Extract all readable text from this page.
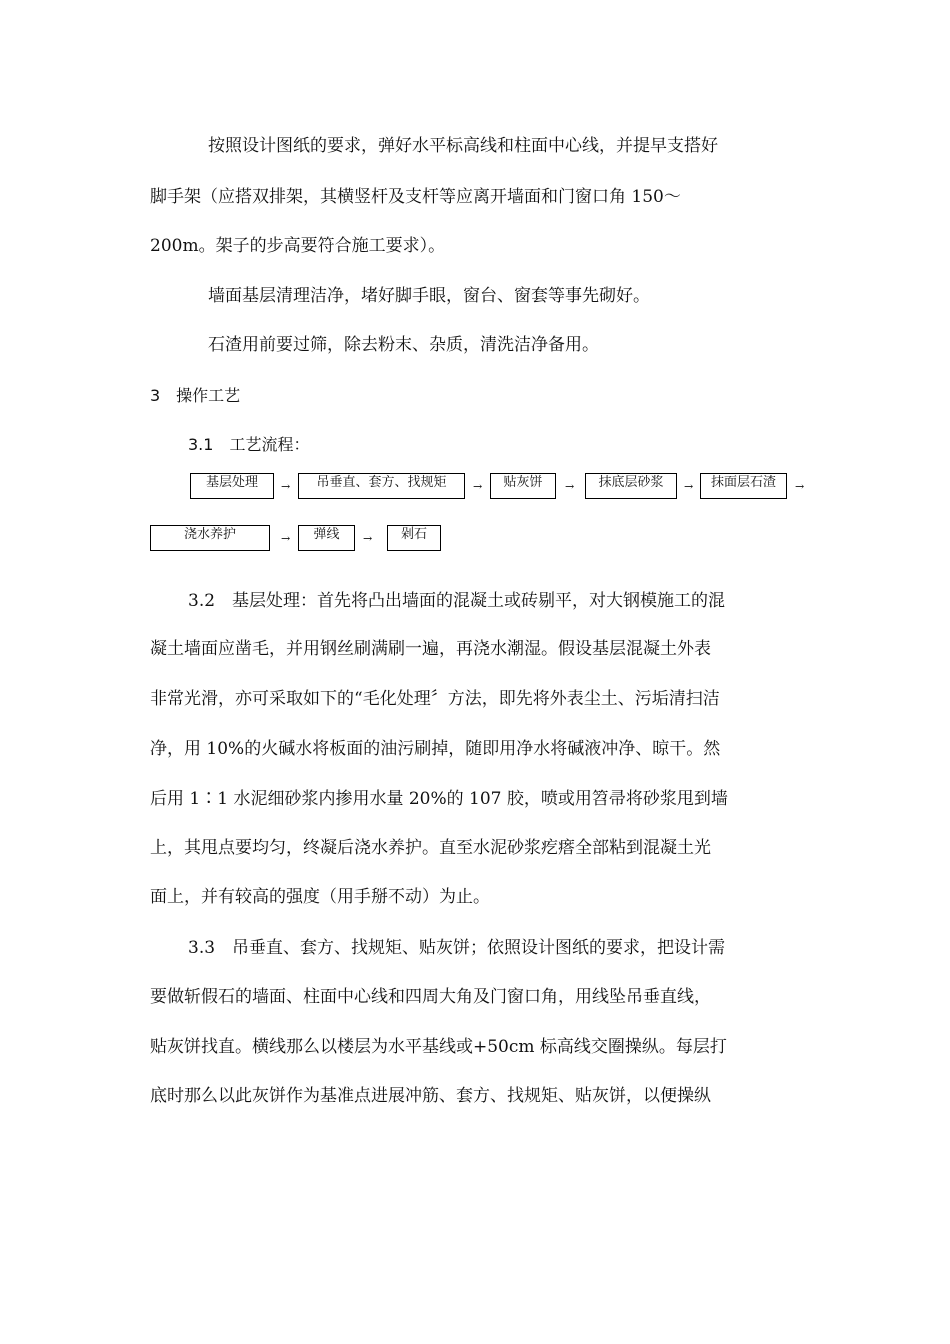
按照设计图纸的要求，弹好水平标高线和柱面中心线，并提早支搭好
脚手架（应搭双排架，其横竖杆及支杆等应离开墙面和门窗口角 150～
200m。架子的步高要符合施工要求）。
墙面基层清理洁净，堵好脚手眼，窗台、窗套等事先砌好。
石渣用前要过筛，除去粉末、杂质，清洗洁净备用。
3　操作工艺
3.1　工艺流程：
基层处理	→	吊垂直、套方、找规矩	→	贴灰饼	→	抹底层砂浆	→	抹面层石渣	→
浇水养护	→	弹线	→	剁石
3.2　基层处理：首先将凸出墙面的混凝土或砖剔平，对大钢模施工的混
凝土墙面应凿毛，并用钢丝刷满刷一遍，再浇水潮湿。假设基层混凝土外表
非常光滑，亦可采取如下的“毛化处理〞方法，即先将外表尘土、污垢清扫洁
净，用 10%的火碱水将板面的油污刷掉，随即用净水将碱液冲净、晾干。然
后用 1∶1 水泥细砂浆内掺用水量 20%的 107 胶，喷或用笤帚将砂浆甩到墙
上，其甩点要均匀，终凝后浇水养护。直至水泥砂浆疙瘩全部粘到混凝土光
面上，并有较高的强度（用手掰不动）为止。
3.3　吊垂直、套方、找规矩、贴灰饼；依照设计图纸的要求，把设计需
要做斩假石的墙面、柱面中心线和四周大角及门窗口角，用线坠吊垂直线，
贴灰饼找直。横线那么以楼层为水平基线或+50cm 标高线交圈操纵。每层打
底时那么以此灰饼作为基准点进展冲筋、套方、找规矩、贴灰饼，以便操纵
